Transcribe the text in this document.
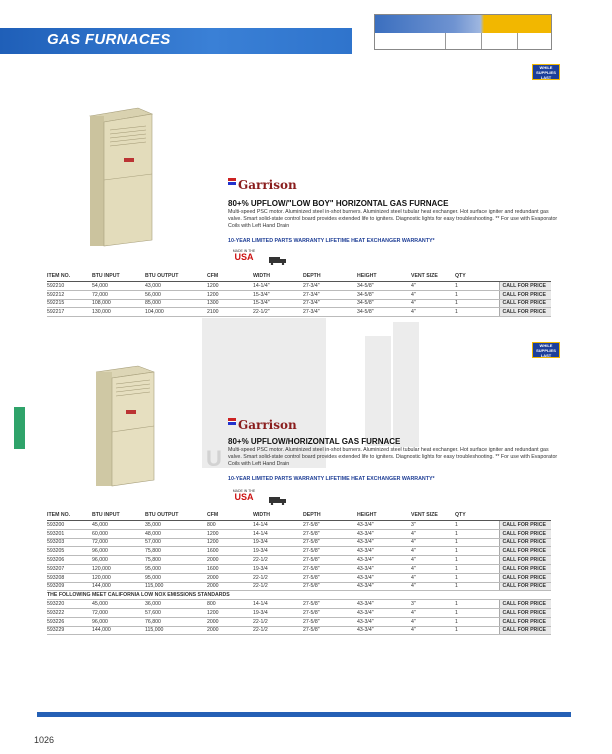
GAS FURNACES
U
WHILE SUPPLIES LAST
Garrison
80+% UPFLOW/"LOW BOY" HORIZONTAL GAS FURNACE
Multi-speed PSC motor. Aluminized steel in-shot burners. Aluminized steel tubular heat exchanger. Hot surface igniter and redundant gas valve. Smart solid-state control board provides extended life to igniters. Diagnostic lights for easy troubleshooting. ** For use with Evaporator Coils with Left Hand Drain
10-YEAR LIMITED PARTS WARRANTY LIFETIME HEAT EXCHANGER WARRANTY*
MADE IN THE
USA
ITEM NO.	BTU INPUT	BTU OUTPUT	CFM	WIDTH	DEPTH	HEIGHT	VENT SIZE	QTY	
592210	54,000	43,000	1200	14-1/4"	27-3/4"	34-5/8"	4"	1	CALL FOR PRICE
592212	72,000	56,000	1200	15-3/4"	27-3/4"	34-5/8"	4"	1	CALL FOR PRICE
592215	108,000	85,000	1300	15-3/4"	27-3/4"	34-5/8"	4"	1	CALL FOR PRICE
592217	130,000	104,000	2100	22-1/2"	27-3/4"	34-5/8"	4"	1	CALL FOR PRICE
WHILE SUPPLIES LAST
Garrison
80+% UPFLOW/HORIZONTAL GAS FURNACE
Multi-speed PSC motor. Aluminized steel in-shot burners. Aluminized steel tubular heat exchanger. Hot surface igniter and redundant gas valve. Smart solid-state control board provides extended life to igniters. Diagnostic lights for easy troubleshooting. ** For use with Evaporator Coils with Left Hand Drain
10-YEAR LIMITED PARTS WARRANTY LIFETIME HEAT EXCHANGER WARRANTY*
MADE IN THE
USA
ITEM NO.	BTU INPUT	BTU OUTPUT	CFM	WIDTH	DEPTH	HEIGHT	VENT SIZE	QTY	
593200	45,000	35,000	800	14-1/4	27-5/8"	43-3/4"	3"	1	CALL FOR PRICE
593201	60,000	48,000	1200	14-1/4	27-5/8"	43-3/4"	4"	1	CALL FOR PRICE
593203	72,000	57,000	1200	19-3/4	27-5/8"	43-3/4"	4"	1	CALL FOR PRICE
593205	96,000	75,800	1600	19-3/4	27-5/8"	43-3/4"	4"	1	CALL FOR PRICE
593206	96,000	75,800	2000	22-1/2	27-5/8"	43-3/4"	4"	1	CALL FOR PRICE
593207	120,000	95,000	1600	19-3/4	27-5/8"	43-3/4"	4"	1	CALL FOR PRICE
593208	120,000	95,000	2000	22-1/2	27-5/8"	43-3/4"	4"	1	CALL FOR PRICE
593209	144,000	115,000	2000	22-1/2	27-5/8"	43-3/4"	4"	1	CALL FOR PRICE
THE FOLLOWING MEET CALIFORNIA LOW NOX EMISSIONS STANDARDS									
593220	45,000	36,000	800	14-1/4	27-5/8"	43-3/4"	3"	1	CALL FOR PRICE
593222	72,000	57,600	1200	19-3/4	27-5/8"	43-3/4"	4"	1	CALL FOR PRICE
593226	96,000	76,800	2000	22-1/2	27-5/8"	43-3/4"	4"	1	CALL FOR PRICE
593229	144,000	115,000	2000	22-1/2	27-5/8"	43-3/4"	4"	1	CALL FOR PRICE
1026
